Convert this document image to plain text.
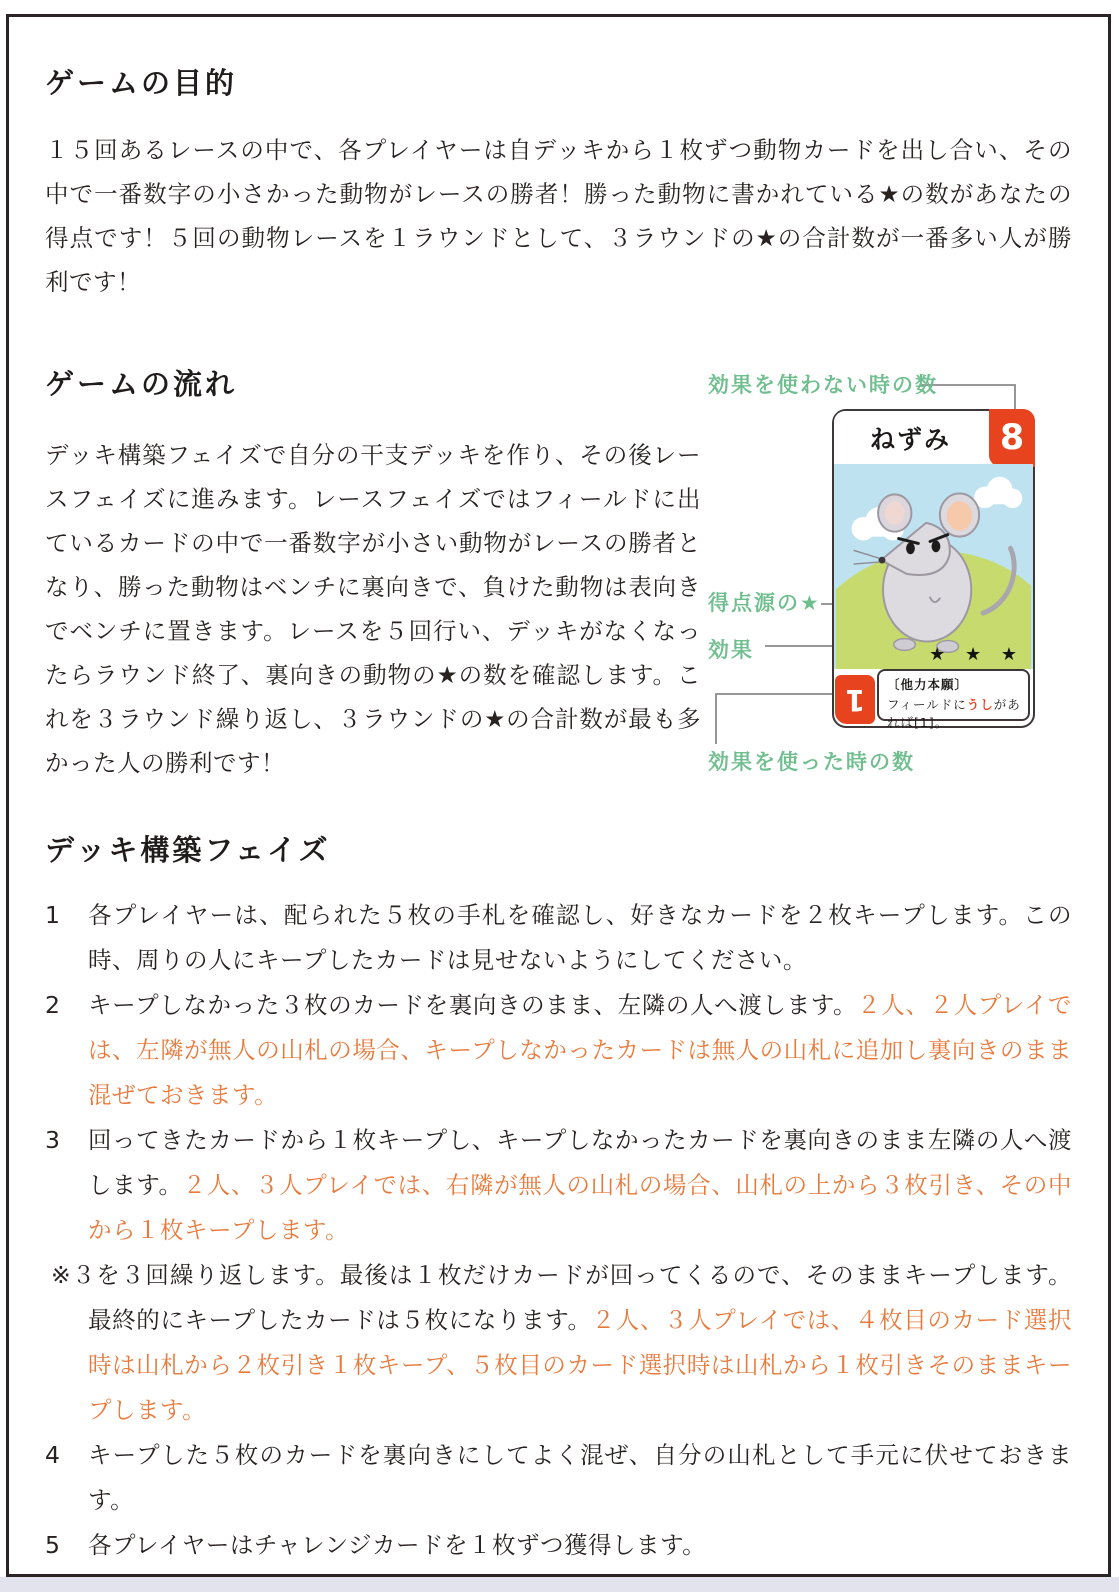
ゲームの目的

１５回あるレースの中で、各プレイヤーは自デッキから１枚ずつ動物カードを出し合い、その中で一番数字の小さかった動物がレースの勝者！勝った動物に書かれている★の数があなたの得点です！５回の動物レースを１ラウンドとして、３ラウンドの★の合計数が一番多い人が勝利です！

ゲームの流れ

デッキ構築フェイズで自分の干支デッキを作り、その後レースフェイズに進みます。レースフェイズではフィールドに出ているカードの中で一番数字が小さい動物がレースの勝者となり、勝った動物はベンチに裏向きで、負けた動物は表向きでベンチに置きます。レースを５回行い、デッキがなくなったらラウンド終了、裏向きの動物の★の数を確認します。これを３ラウンド繰り返し、３ラウンドの★の合計数が最も多かった人の勝利です！

効果を使わない時の数
得点源の★
効果
効果を使った時の数
ねずみ	8
★ ★ ★
1 〔他力本願〕
フィールドにうしがあれば[1]。
デッキ構築フェイズ
1	各プレイヤーは、配られた５枚の手札を確認し、好きなカードを２枚キープします。この時、周りの人にキープしたカードは見せないようにしてください。

2	キープしなかった３枚のカードを裏向きのまま、左隣の人へ渡します。２人、２人プレイでは、左隣が無人の山札の場合、キープしなかったカードは無人の山札に追加し裏向きのまま混ぜておきます。

3	回ってきたカードから１枚キープし、キープしなかったカードを裏向きのまま左隣の人へ渡します。２人、３人プレイでは、右隣が無人の山札の場合、山札の上から３枚引き、その中から１枚キープします。

※３を３回繰り返します。最後は１枚だけカードが回ってくるので、そのままキープします。最終的にキープしたカードは５枚になります。２人、３人プレイでは、４枚目のカード選択時は山札から２枚引き１枚キープ、５枚目のカード選択時は山札から１枚引きそのままキープします。

4	キープした５枚のカードを裏向きにしてよく混ぜ、自分の山札として手元に伏せておきます。

5	各プレイヤーはチャレンジカードを１枚ずつ獲得します。
